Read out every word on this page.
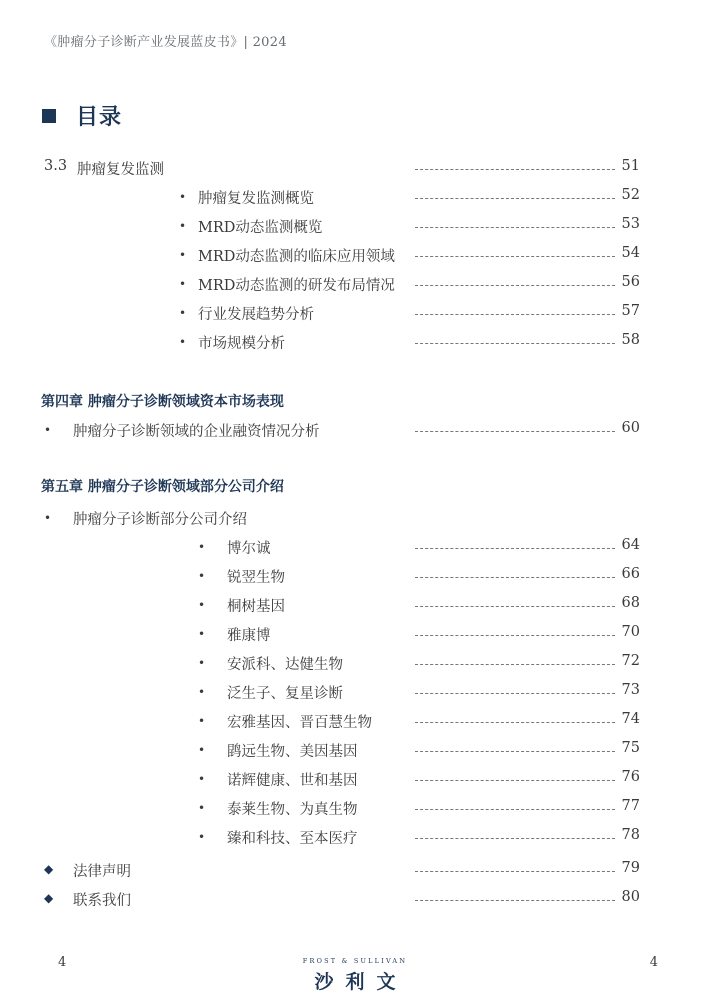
《肿瘤分子诊断产业发展蓝皮书》| 2024
目录
3.3 肿瘤复发监测	51
• 肿瘤复发监测概览	52
• MRD动态监测概览	53
• MRD动态监测的临床应用领域	54
• MRD动态监测的研发布局情况	56
• 行业发展趋势分析	57
• 市场规模分析	58
第四章 肿瘤分子诊断领域资本市场表现
• 肿瘤分子诊断领域的企业融资情况分析	60
第五章 肿瘤分子诊断领域部分公司介绍
• 肿瘤分子诊断部分公司介绍
• 博尔诚	64
• 锐翌生物	66
• 桐树基因	68
• 雅康博	70
• 安派科、达健生物	72
• 泛生子、复星诊断	73
• 宏雅基因、晋百慧生物	74
• 鹍远生物、美因基因	75
• 诺辉健康、世和基因	76
• 泰莱生物、为真生物	77
• 臻和科技、至本医疗	78
◆ 法律声明	79
◆ 联系我们	80
4	FROST & SULLIVAN
沙利文
4
